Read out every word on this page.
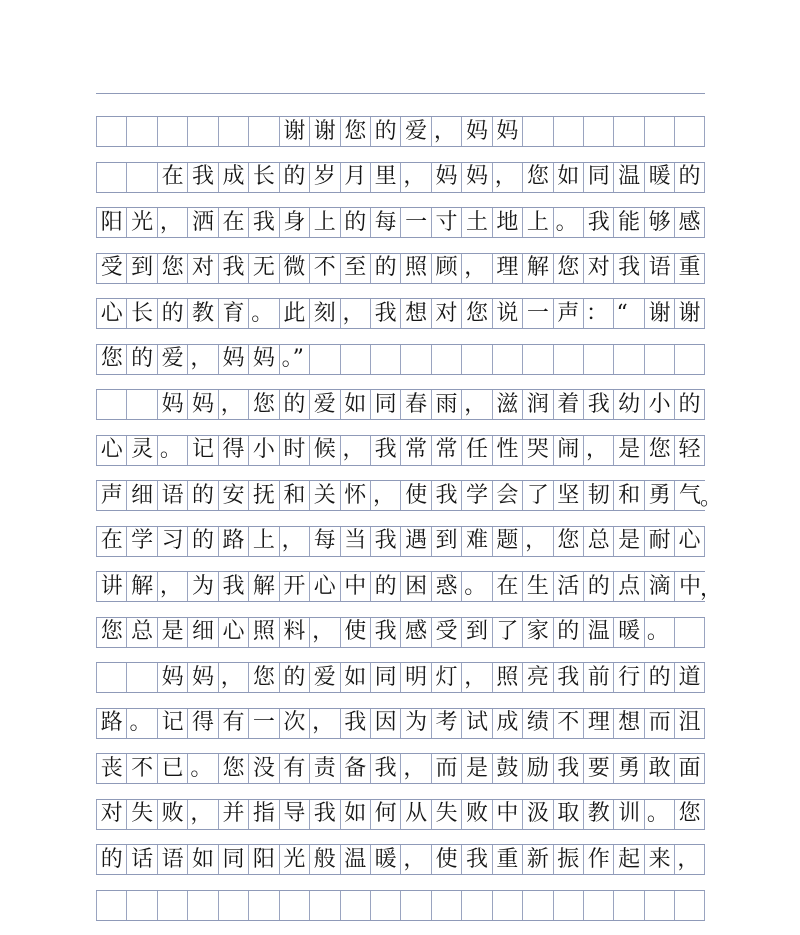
谢 谢 您 的 爱 ， 妈 妈
在 我 成 长 的 岁 月 里 ， 妈 妈 ， 您 如 同 温 暖 的
阳 光 ， 洒 在 我 身 上 的 每 一 寸 土 地 上 。 我 能 够 感
受 到 您 对 我 无 微 不 至 的 照 顾 ， 理 解 您 对 我 语 重
心 长 的 教 育 。 此 刻 ， 我 想 对 您 说 一 声 ： “ 谢 谢
您 的 爱 ， 妈 妈 。”
妈 妈 ， 您 的 爱 如 同 春 雨 ， 滋 润 着 我 幼 小 的
心 灵 。 记 得 小 时 候 ， 我 常 常 任 性 哭 闹 ， 是 您 轻
声 细 语 的 安 抚 和 关 怀 ， 使 我 学 会 了 坚 韧 和 勇 气
。
在 学 习 的 路 上 ， 每 当 我 遇 到 难 题 ， 您 总 是 耐 心
讲 解 ， 为 我 解 开 心 中 的 困 惑 。 在 生 活 的 点 滴 中
，
您 总 是 细 心 照 料 ， 使 我 感 受 到 了 家 的 温 暖 。
妈 妈 ， 您 的 爱 如 同 明 灯 ， 照 亮 我 前 行 的 道
路 。 记 得 有 一 次 ， 我 因 为 考 试 成 绩 不 理 想 而 沮
丧 不 已 。 您 没 有 责 备 我 ， 而 是 鼓 励 我 要 勇 敢 面
对 失 败 ， 并 指 导 我 如 何 从 失 败 中 汲 取 教 训 。 您
的 话 语 如 同 阳 光 般 温 暖 ， 使 我 重 新 振 作 起 来 ，
